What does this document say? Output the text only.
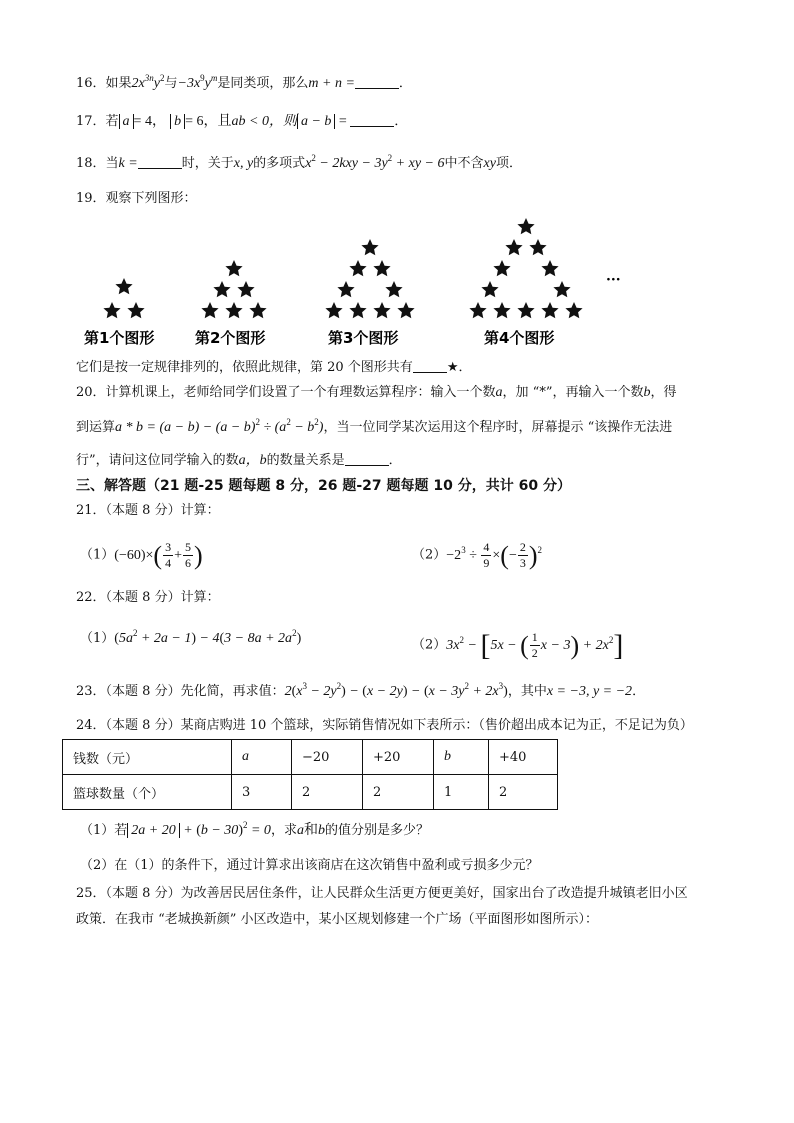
16．如果$2x^{3n}y^2$与$-3x^9y^m$是同类项，那么m + n =	．
17．若 a = 4， b = 6，且ab < 0，则 a − b =	．
18．当k =	时，关于x, y的多项式$x^2 - 2kxy - 3y^2$ + xy − 6中不含xy项．
19．观察下列图形：
第1个图形	第2个图形	第3个图形	第4个图形
···
它们是按一定规律排列的，依照此规律，第 20 个图形共有	★．
20．计算机课上，老师给同学们设置了一个有理数运算程序：输入一个数a，加 “*”，再输入一个数b，得
到运算$a * b = (a - b) - (a - b)^2 \div (a^2 - b^2)$，当一位同学某次运用这个程序时，屏幕提示 “该操作无法进
行”，请问这位同学输入的数a，b的数量关系是	．
三、解答题（21 题-25 题每题 8 分，26 题-27 题每题 10 分，共计 60 分）
21．（本题 8 分）计算：
$(1)(-60)\times( \frac{3}{4} + \frac{5}{6}$ )	$(2)-2^3 \div \frac{4}{9}$ ×(− $\frac{2}{3} )^2$
22．（本题 8 分）计算：
$(1)(5a^2 + 2a - 1) - 4(3 - 8a + 2a^2)$	$(2)3x^2 - [5x$ − ( $\frac{1}{2}$ $x - 3) + 2x^2$]
23．（本题 8 分）先化简，再求值：$2(x^3 - 2y^2) - (x - 2y) - (x - 3y^2 + 2x^3)$，其中x = −3, y = −2．
24．（本题 8 分）某商店购进 10 个篮球，实际销售情况如下表所示：（售价超出成本记为正，不足记为负）
钱数（元）	a	−20	+20	b	+40
篮球数量（个）	3	2	2	1	2
（1）若 $2a + 20 + (b - 30)^2 = 0$，求a和b的值分别是多少？
（2）在（1）的条件下，通过计算求出该商店在这次销售中盈利或亏损多少元？
25．（本题 8 分）为改善居民居住条件，让人民群众生活更方便更美好，国家出台了改造提升城镇老旧小区
政策．在我市 “老城换新颜” 小区改造中，某小区规划修建一个广场（平面图形如图所示）：
